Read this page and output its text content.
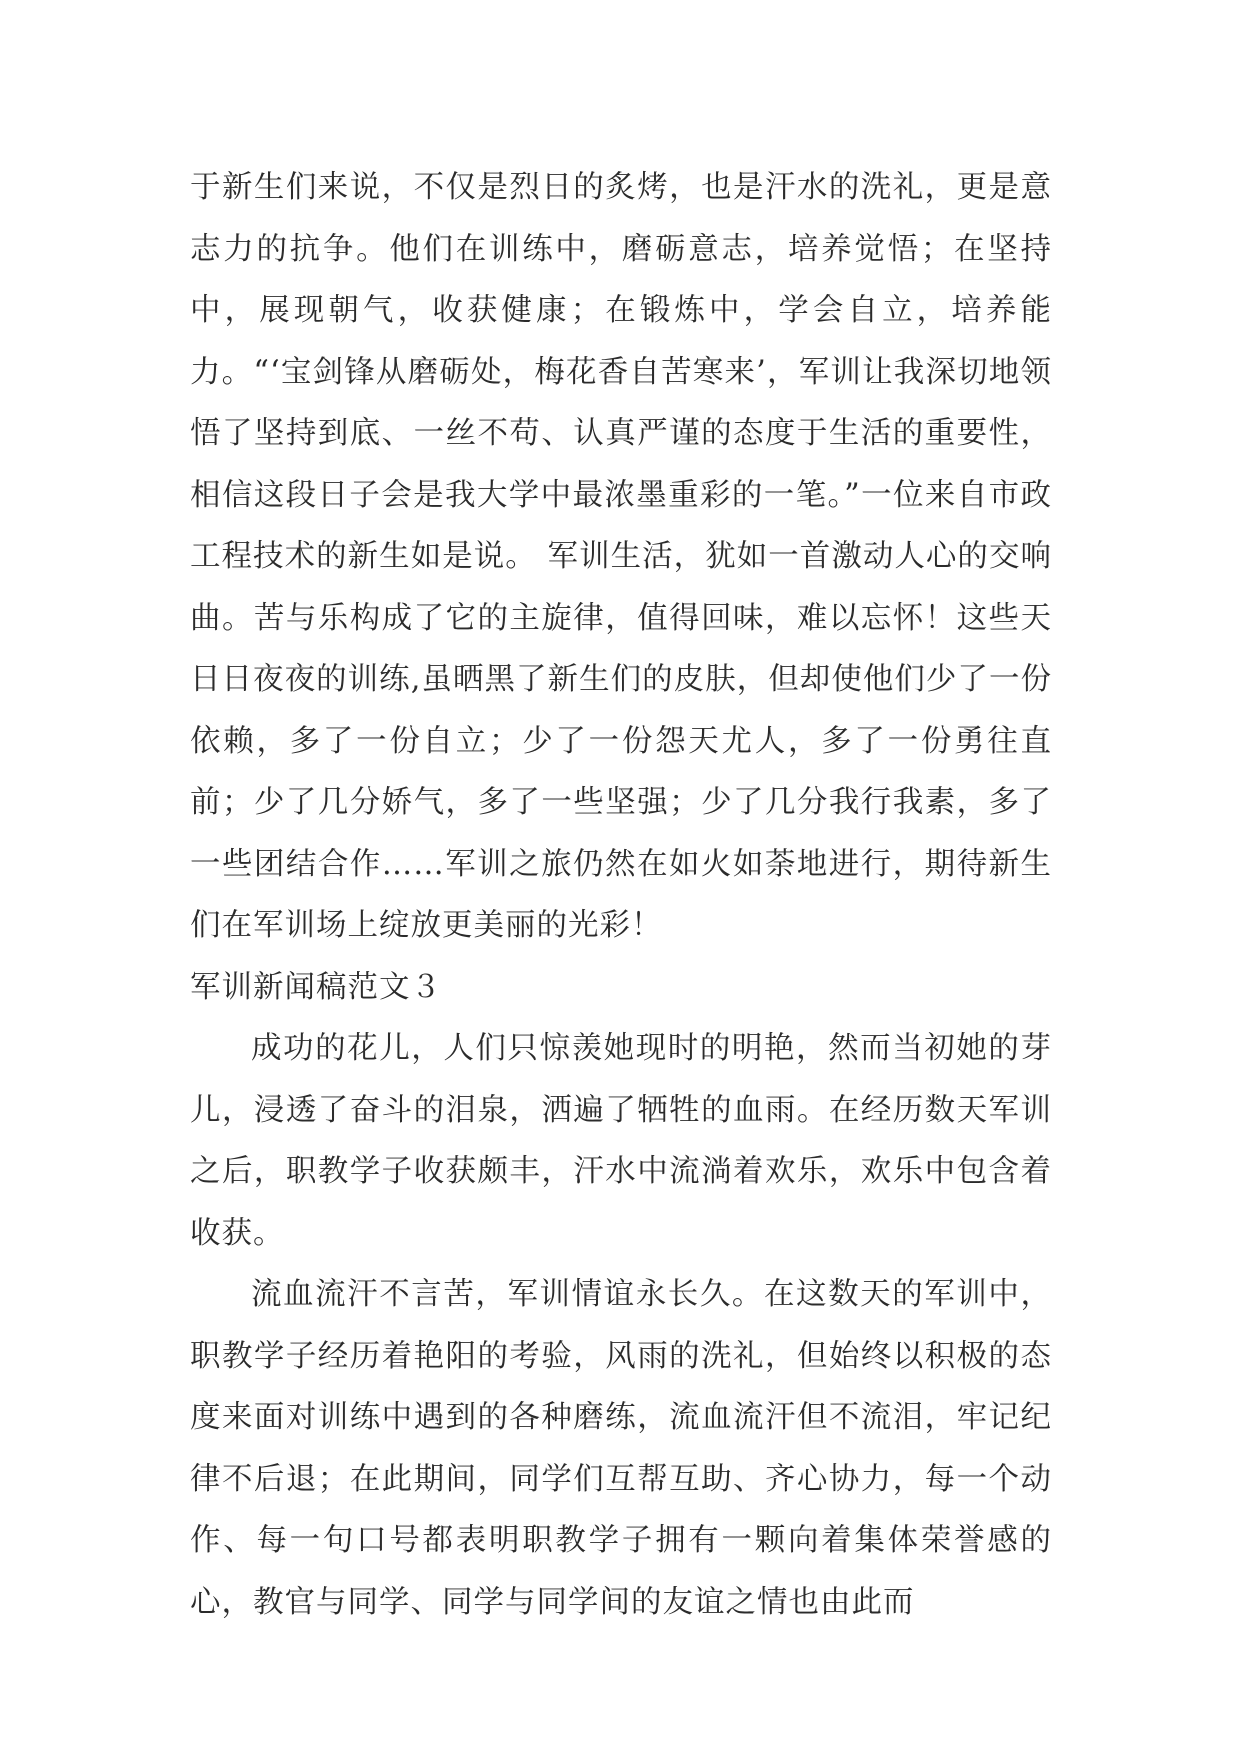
于新生们来说，不仅是烈日的炙烤，也是汗水的洗礼，更是意志力的抗争。他们在训练中，磨砺意志，培养觉悟；在坚持中，展现朝气，收获健康；在锻炼中，学会自立，培养能力。“‘宝剑锋从磨砺处，梅花香自苦寒来’，军训让我深切地领悟了坚持到底、一丝不苟、认真严谨的态度于生活的重要性，相信这段日子会是我大学中最浓墨重彩的一笔。”一位来自市政工程技术的新生如是说。 军训生活，犹如一首激动人心的交响曲。苦与乐构成了它的主旋律，值得回味，难以忘怀！这些天日日夜夜的训练,虽晒黑了新生们的皮肤，但却使他们少了一份依赖，多了一份自立；少了一份怨天尤人，多了一份勇往直前；少了几分娇气，多了一些坚强；少了几分我行我素，多了一些团结合作……军训之旅仍然在如火如荼地进行，期待新生们在军训场上绽放更美丽的光彩！

军训新闻稿范文３

成功的花儿，人们只惊羡她现时的明艳，然而当初她的芽儿，浸透了奋斗的泪泉，洒遍了牺牲的血雨。在经历数天军训之后，职教学子收获颇丰，汗水中流淌着欢乐，欢乐中包含着收获。

流血流汗不言苦，军训情谊永长久。在这数天的军训中，职教学子经历着艳阳的考验，风雨的洗礼，但始终以积极的态度来面对训练中遇到的各种磨练，流血流汗但不流泪，牢记纪律不后退；在此期间，同学们互帮互助、齐心协力，每一个动作、每一句口号都表明职教学子拥有一颗向着集体荣誉感的心，教官与同学、同学与同学间的友谊之情也由此而
